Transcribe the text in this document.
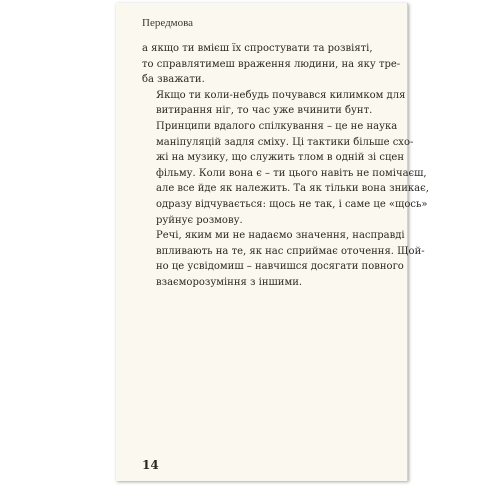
Передмова

а якщо ти вмієш їх спростувати та розвіяті,
то справлятимеш враження людини, на яку тре-
ба зважати.

Якщо ти коли-небудь почувався килимком для
витирання ніг, то час уже вчинити бунт.

Принципи вдалого спілкування – це не наука
маніпуляцій задля сміху. Ці тактики більше схо-
жі на музику, що служить тлом в одній зі сцен
фільму. Коли вона є – ти цього навіть не помічаєш,
але все йде як належить. Та як тільки вона зникає,
одразу відчувається: щось не так, і саме це «щось»
руйнує розмову.

Речі, яким ми не надаємо значення, насправді
впливають на те, як нас сприймає оточення. Щой-
но це усвідомиш – навчишся досягати повного
взаєморозуміння з іншими.

14
